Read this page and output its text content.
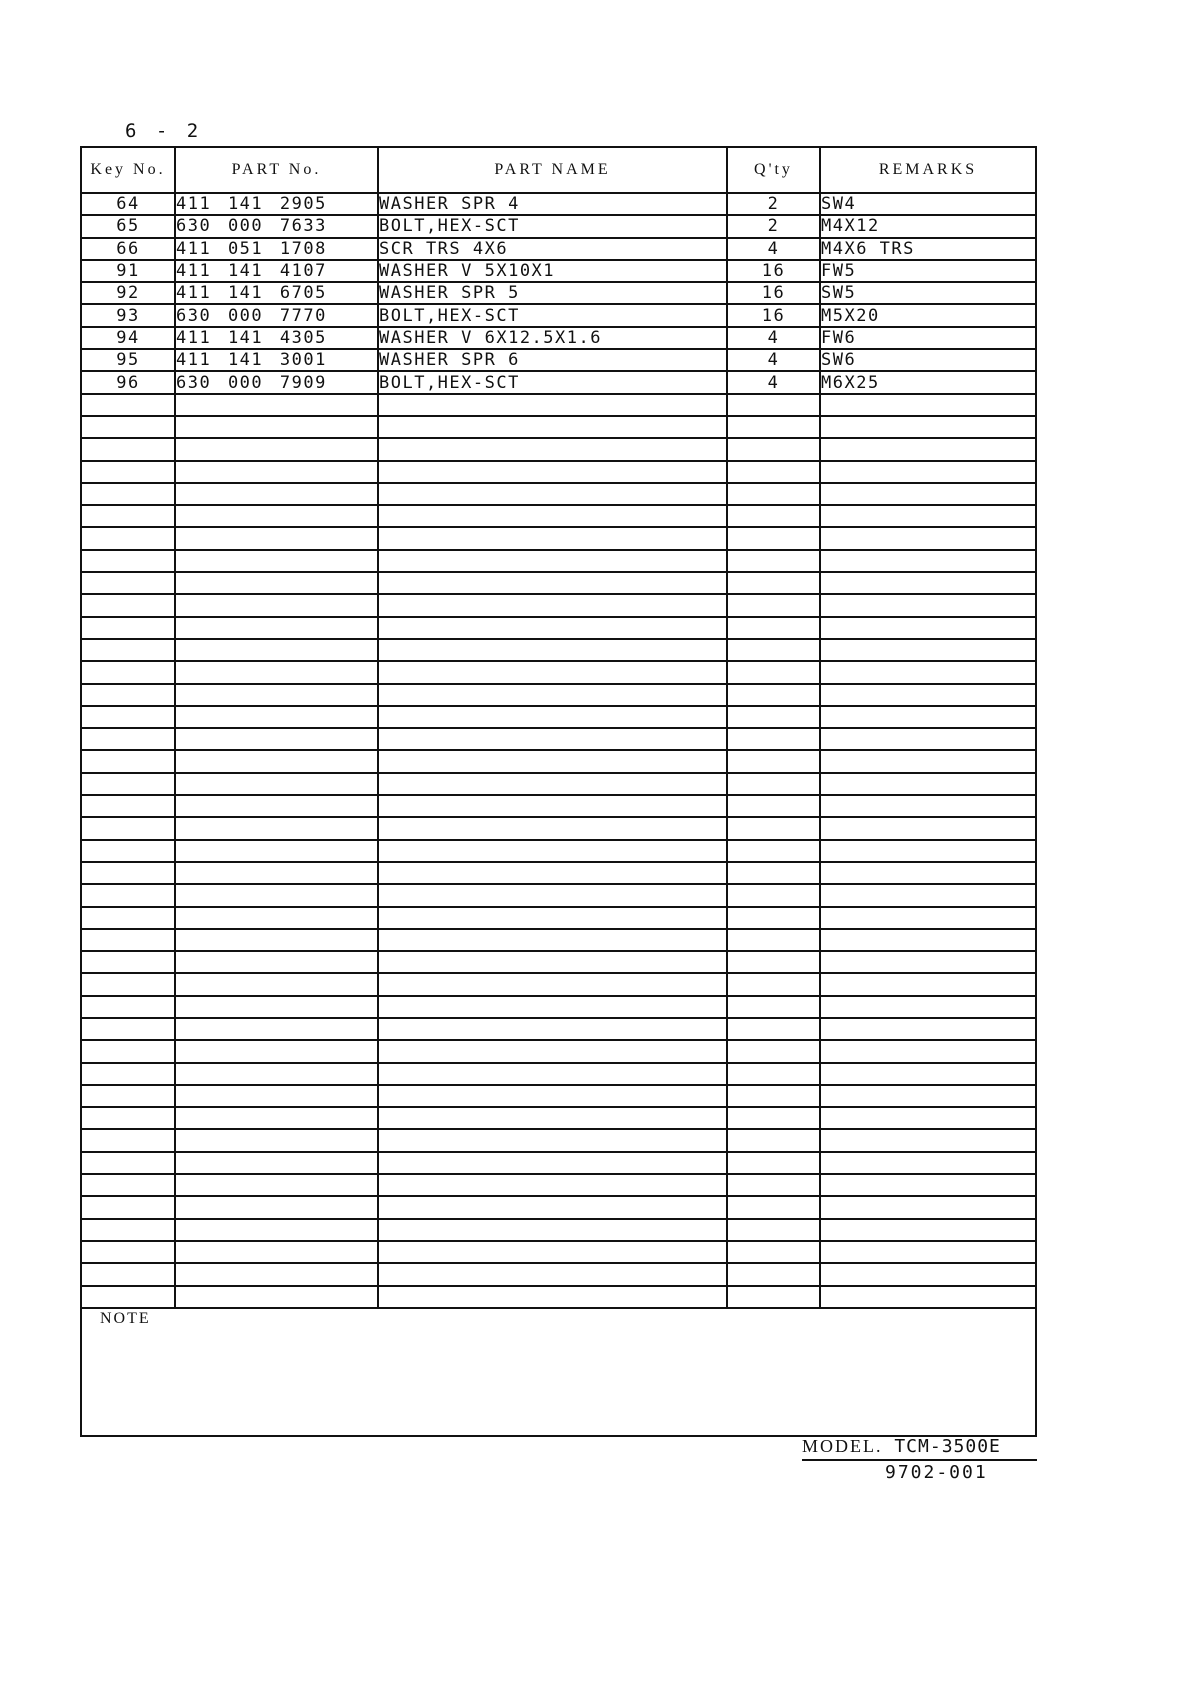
6 - 2
Key No.	PART No.	PART NAME	Q'ty	REMARKS
64	411 141 2905	WASHER SPR 4	2	SW4
65	630 000 7633	BOLT,HEX-SCT	2	M4X12
66	411 051 1708	SCR TRS 4X6	4	M4X6 TRS
91	411 141 4107	WASHER V 5X10X1	16	FW5
92	411 141 6705	WASHER SPR 5	16	SW5
93	630 000 7770	BOLT,HEX-SCT	16	M5X20
94	411 141 4305	WASHER V 6X12.5X1.6	4	FW6
95	411 141 3001	WASHER SPR 6	4	SW6
96	630 000 7909	BOLT,HEX-SCT	4	M6X25

NOTE
MODEL. TCM-3500E
9702-001
